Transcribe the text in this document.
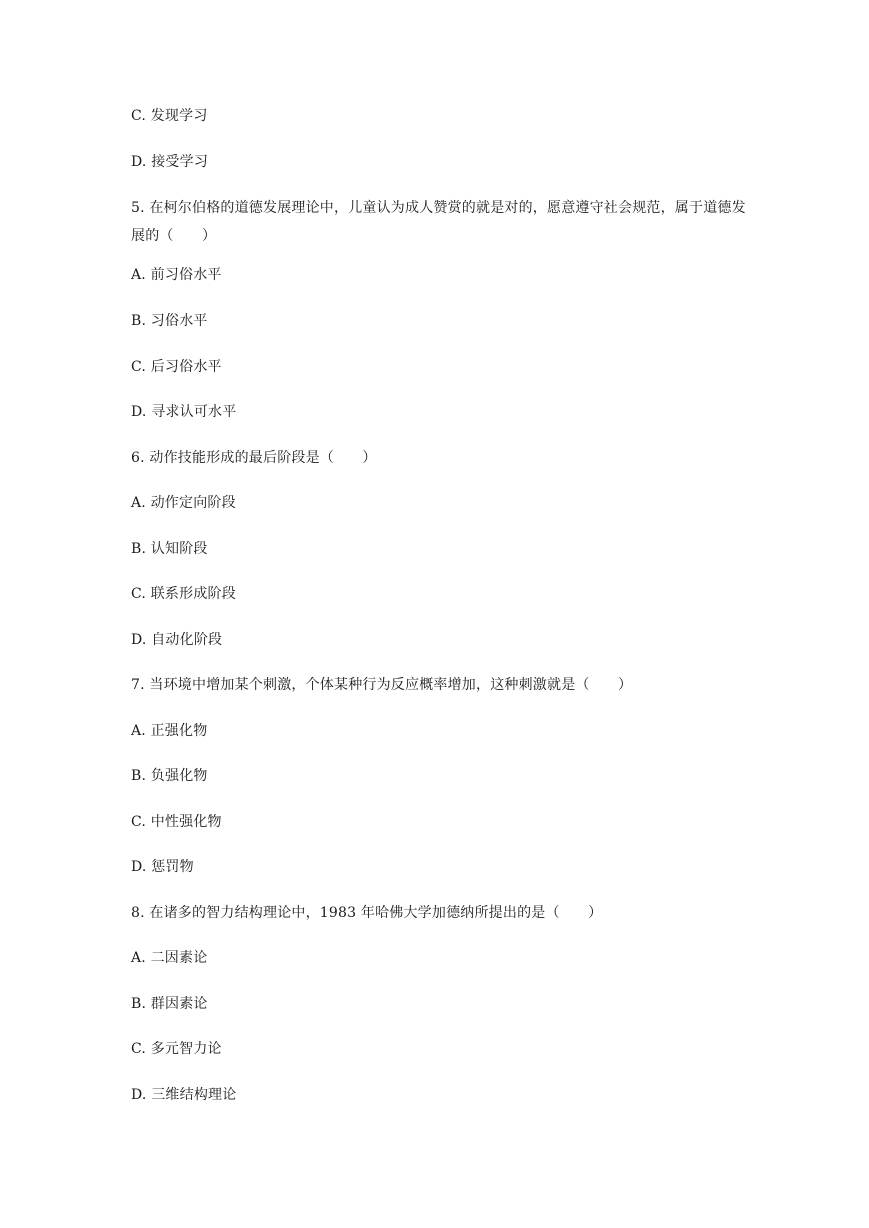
C. 发现学习
D. 接受学习
5. 在柯尔伯格的道德发展理论中，儿童认为成人赞赏的就是对的，愿意遵守社会规范，属于道德发展的（　　）
A. 前习俗水平
B. 习俗水平
C. 后习俗水平
D. 寻求认可水平
6. 动作技能形成的最后阶段是（　　）
A. 动作定向阶段
B. 认知阶段
C. 联系形成阶段
D. 自动化阶段
7. 当环境中增加某个刺激，个体某种行为反应概率增加，这种刺激就是（　　）
A. 正强化物
B. 负强化物
C. 中性强化物
D. 惩罚物
8. 在诸多的智力结构理论中，1983 年哈佛大学加德纳所提出的是（　　）
A. 二因素论
B. 群因素论
C. 多元智力论
D. 三维结构理论
